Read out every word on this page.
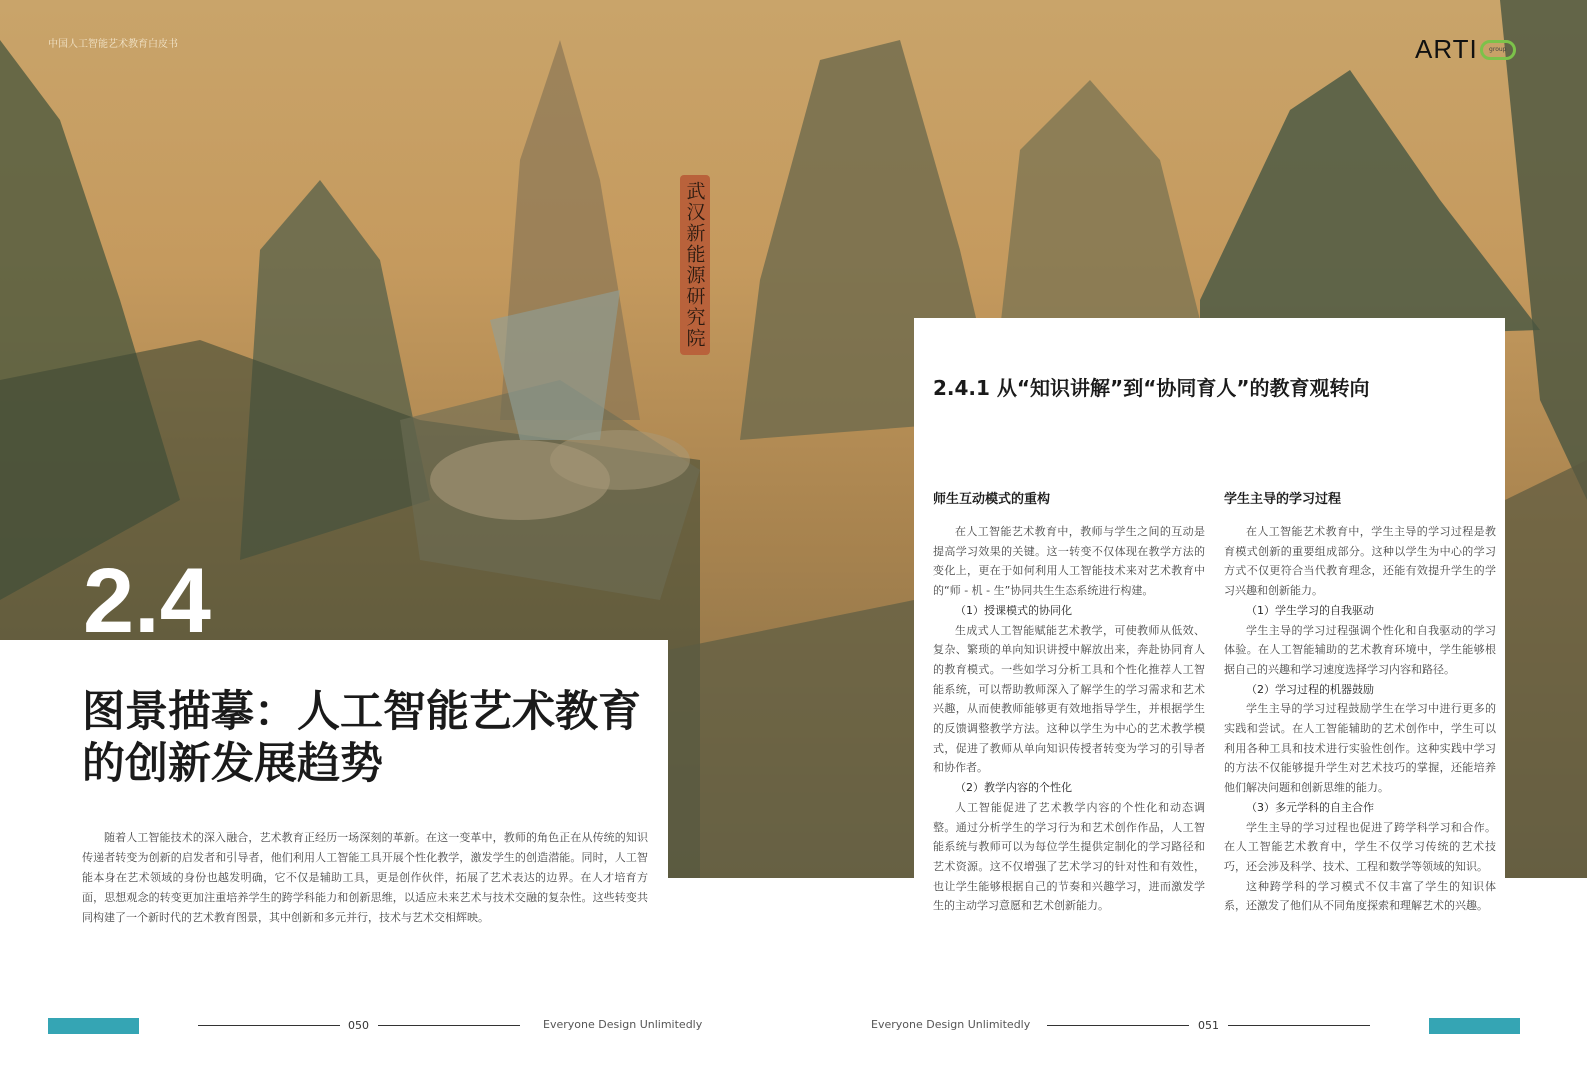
武汉新能源研究院
中国人工智能艺术教育白皮书	ARTI group
2.4
图景描摹：人工智能艺术教育的创新发展趋势

随着人工智能技术的深入融合，艺术教育正经历一场深刻的革新。在这一变革中，教师的角色正在从传统的知识传递者转变为创新的启发者和引导者，他们利用人工智能工具开展个性化教学，激发学生的创造潜能。同时，人工智能本身在艺术领域的身份也越发明确，它不仅是辅助工具，更是创作伙伴，拓展了艺术表达的边界。在人才培育方面，思想观念的转变更加注重培养学生的跨学科能力和创新思维，以适应未来艺术与技术交融的复杂性。这些转变共同构建了一个新时代的艺术教育图景，其中创新和多元并行，技术与艺术交相辉映。

2.4.1 从“知识讲解”到“协同育人”的教育观转向
师生互动模式的重构

在人工智能艺术教育中，教师与学生之间的互动是提高学习效果的关键。这一转变不仅体现在教学方法的变化上，更在于如何利用人工智能技术来对艺术教育中的“师 - 机 - 生”协同共生生态系统进行构建。

（1）授课模式的协同化

生成式人工智能赋能艺术教学，可使教师从低效、复杂、繁琐的单向知识讲授中解放出来，奔赴协同育人的教育模式。一些如学习分析工具和个性化推荐人工智能系统，可以帮助教师深入了解学生的学习需求和艺术兴趣，从而使教师能够更有效地指导学生，并根据学生的反馈调整教学方法。这种以学生为中心的艺术教学模式，促进了教师从单向知识传授者转变为学习的引导者和协作者。

（2）教学内容的个性化

人工智能促进了艺术教学内容的个性化和动态调整。通过分析学生的学习行为和艺术创作作品，人工智能系统与教师可以为每位学生提供定制化的学习路径和艺术资源。这不仅增强了艺术学习的针对性和有效性，也让学生能够根据自己的节奏和兴趣学习，进而激发学生的主动学习意愿和艺术创新能力。

学生主导的学习过程

在人工智能艺术教育中，学生主导的学习过程是教育模式创新的重要组成部分。这种以学生为中心的学习方式不仅更符合当代教育理念，还能有效提升学生的学习兴趣和创新能力。

（1）学生学习的自我驱动

学生主导的学习过程强调个性化和自我驱动的学习体验。在人工智能辅助的艺术教育环境中，学生能够根据自己的兴趣和学习速度选择学习内容和路径。

（2）学习过程的机器鼓励

学生主导的学习过程鼓励学生在学习中进行更多的实践和尝试。在人工智能辅助的艺术创作中，学生可以利用各种工具和技术进行实验性创作。这种实践中学习的方法不仅能够提升学生对艺术技巧的掌握，还能培养他们解决问题和创新思维的能力。

（3）多元学科的自主合作

学生主导的学习过程也促进了跨学科学习和合作。在人工智能艺术教育中，学生不仅学习传统的艺术技巧，还会涉及科学、技术、工程和数学等领域的知识。

这种跨学科的学习模式不仅丰富了学生的知识体系，还激发了他们从不同角度探索和理解艺术的兴趣。

050	Everyone Design Unlimitedly	Everyone Design Unlimitedly	051
